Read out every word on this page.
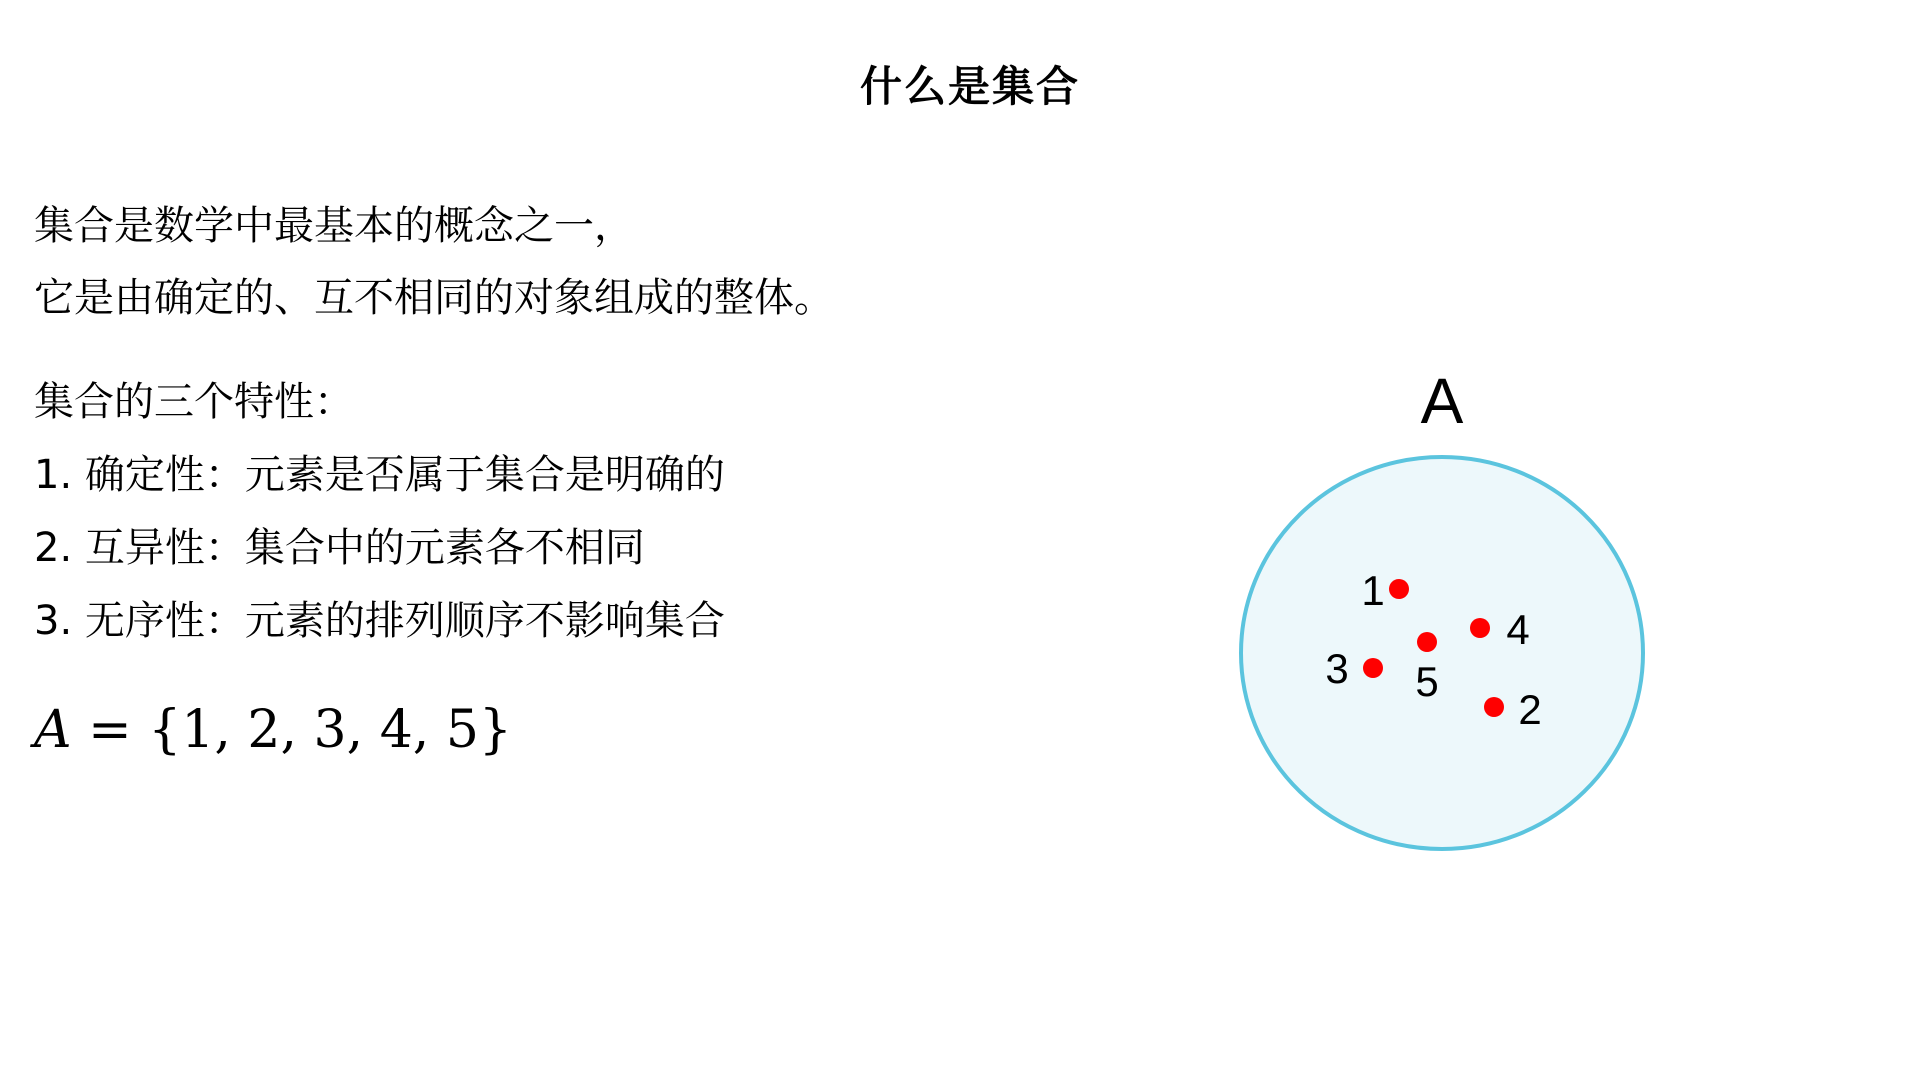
什么是集合
集合是数学中最基本的概念之一，
它是由确定的、互不相同的对象组成的整体。
集合的三个特性：
1. 确定性：元素是否属于集合是明确的
2. 互异性：集合中的元素各不相同
3. 无序性：元素的排列顺序不影响集合
A = {1, 2, 3, 4, 5}
A
1
2
3
4
5
